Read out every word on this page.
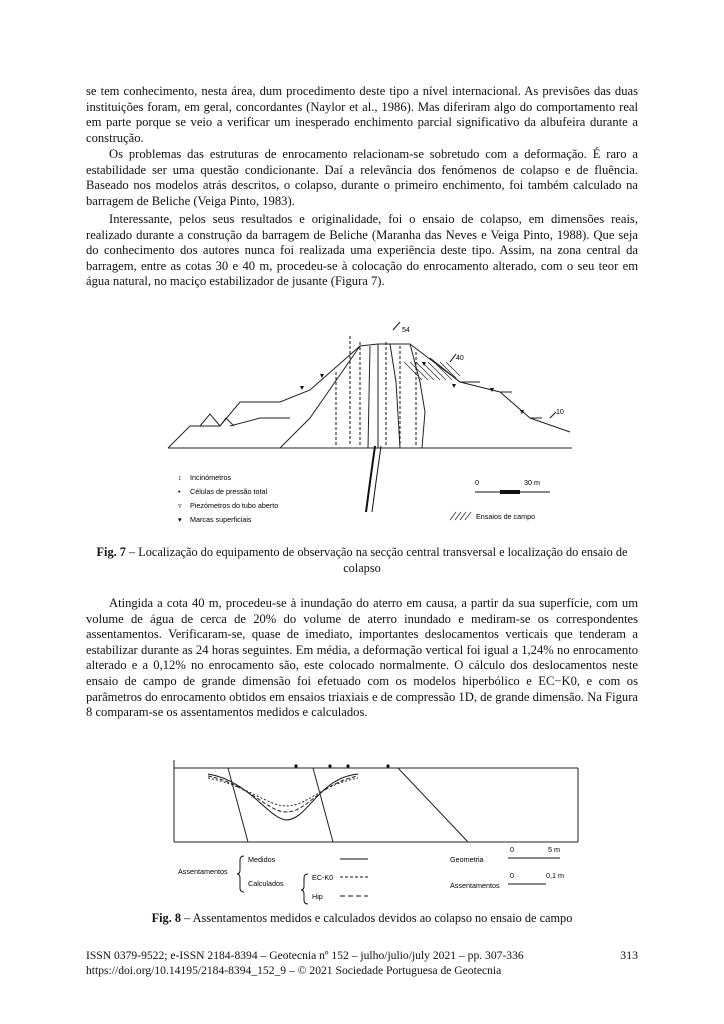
se tem conhecimento, nesta área, dum procedimento deste tipo a nível internacional. As previsões das duas instituições foram, em geral, concordantes (Naylor et al., 1986). Mas diferiram algo do comportamento real em parte porque se veio a verificar um inesperado enchimento parcial significativo da albufeira durante a construção.

Os problemas das estruturas de enrocamento relacionam-se sobretudo com a deformação. É raro a estabilidade ser uma questão condicionante. Daí a relevância dos fenómenos de colapso e de fluência. Baseado nos modelos atrás descritos, o colapso, durante o primeiro enchimento, foi também calculado na barragem de Beliche (Veiga Pinto, 1983).

Interessante, pelos seus resultados e originalidade, foi o ensaio de colapso, em dimensões reais, realizado durante a construção da barragem de Beliche (Maranha das Neves e Veiga Pinto, 1988). Que seja do conhecimento dos autores nunca foi realizada uma experiência deste tipo. Assim, na zona central da barragem, entre as cotas 30 e 40 m, procedeu-se à colocação do enrocamento alterado, com o seu teor em água natural, no maciço estabilizador de jusante (Figura 7).

54
40
10
↕ Incinómetros
• Células de pressão total
▿ Piezómetros do tubo aberto
▾ Marcas superficiais
0	30 m
Ensaios de campo

Fig. 7 – Localização do equipamento de observação na secção central transversal e localização do ensaio de colapso

Atingida a cota 40 m, procedeu-se à inundação do aterro em causa, a partir da sua superfície, com um volume de água de cerca de 20% do volume de aterro inundado e mediram-se os correspondentes assentamentos. Verificaram-se, quase de imediato, importantes deslocamentos verticais que tenderam a estabilizar durante as 24 horas seguintes. Em média, a deformação vertical foi igual a 1,24% no enrocamento alterado e a 0,12% no enrocamento são, este colocado normalmente. O cálculo dos deslocamentos neste ensaio de campo de grande dimensão foi efetuado com os modelos hiperbólico e EC−K0, e com os parâmetros do enrocamento obtidos em ensaios triaxiais e de compressão 1D, de grande dimensão. Na Figura 8 comparam-se os assentamentos medidos e calculados.

Assentamentos
Medidos
Calculados
EC-K0
Hip
Geometria
0	5 m
Assentamentos
0	0,1 m

Fig. 8 – Assentamentos medidos e calculados devidos ao colapso no ensaio de campo

ISSN 0379-9522; e-ISSN 2184-8394 – Geotecnia nº 152 – julho/julio/july 2021 – pp. 307-336
https://doi.org/10.14195/2184-8394_152_9 – © 2021 Sociedade Portuguesa de Geotecnia
313
